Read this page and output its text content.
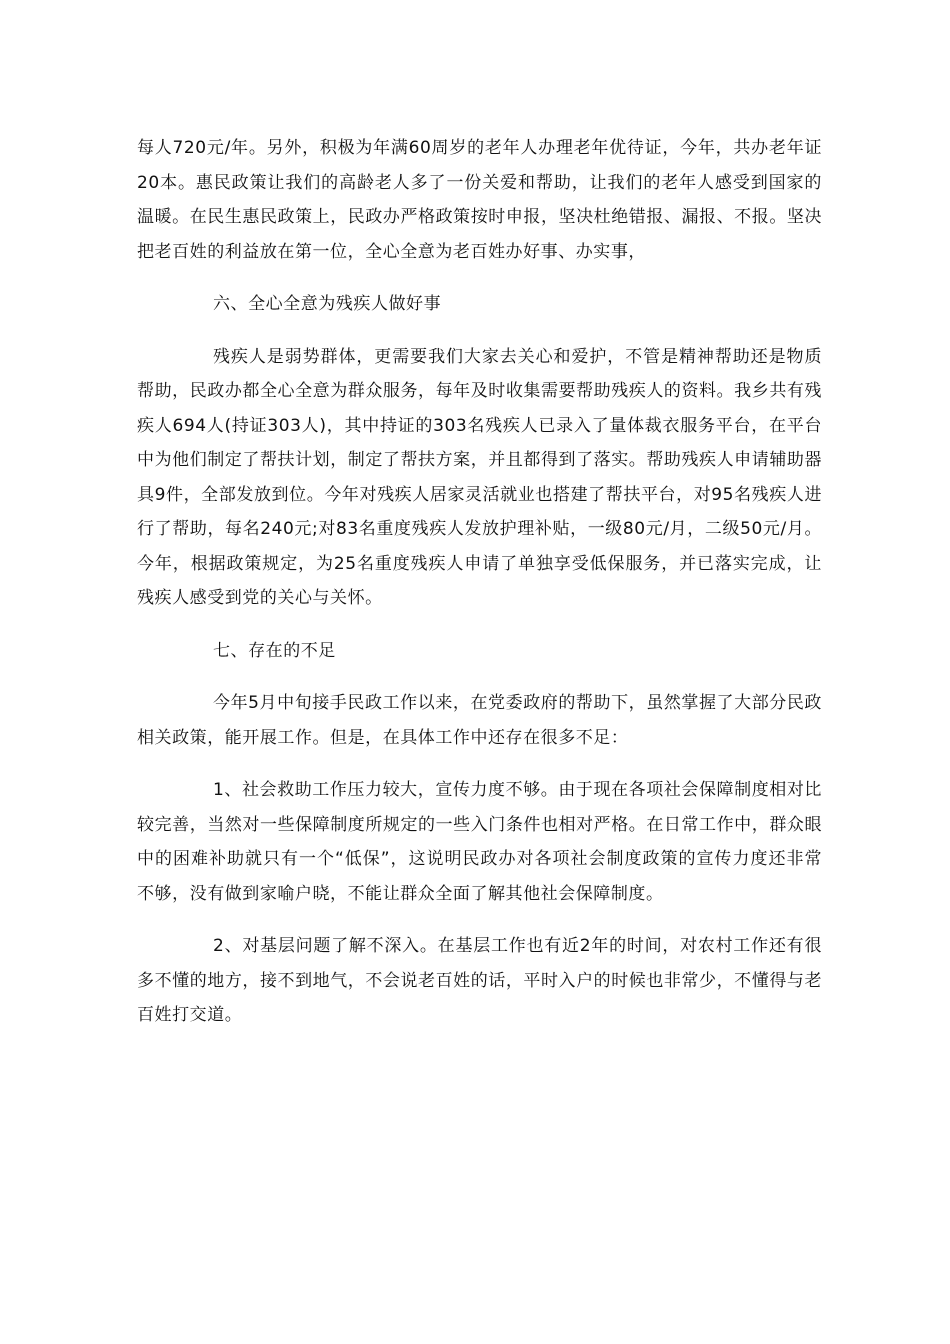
每人720元/年。另外，积极为年满60周岁的老年人办理老年优待证，今年，共办老年证20本。惠民政策让我们的高龄老人多了一份关爱和帮助，让我们的老年人感受到国家的温暖。在民生惠民政策上，民政办严格政策按时申报，坚决杜绝错报、漏报、不报。坚决把老百姓的利益放在第一位，全心全意为老百姓办好事、办实事，

六、全心全意为残疾人做好事

残疾人是弱势群体，更需要我们大家去关心和爱护，不管是精神帮助还是物质帮助，民政办都全心全意为群众服务，每年及时收集需要帮助残疾人的资料。我乡共有残疾人694人(持证303人)，其中持证的303名残疾人已录入了量体裁衣服务平台，在平台中为他们制定了帮扶计划，制定了帮扶方案，并且都得到了落实。帮助残疾人申请辅助器具9件，全部发放到位。今年对残疾人居家灵活就业也搭建了帮扶平台，对95名残疾人进行了帮助，每名240元;对83名重度残疾人发放护理补贴，一级80元/月，二级50元/月。今年，根据政策规定，为25名重度残疾人申请了单独享受低保服务，并已落实完成，让残疾人感受到党的关心与关怀。

七、存在的不足

今年5月中旬接手民政工作以来，在党委政府的帮助下，虽然掌握了大部分民政相关政策，能开展工作。但是，在具体工作中还存在很多不足：

1、社会救助工作压力较大，宣传力度不够。由于现在各项社会保障制度相对比较完善，当然对一些保障制度所规定的一些入门条件也相对严格。在日常工作中，群众眼中的困难补助就只有一个“低保”，这说明民政办对各项社会制度政策的宣传力度还非常不够，没有做到家喻户晓，不能让群众全面了解其他社会保障制度。

2、对基层问题了解不深入。在基层工作也有近2年的时间，对农村工作还有很多不懂的地方，接不到地气，不会说老百姓的话，平时入户的时候也非常少，不懂得与老百姓打交道。
